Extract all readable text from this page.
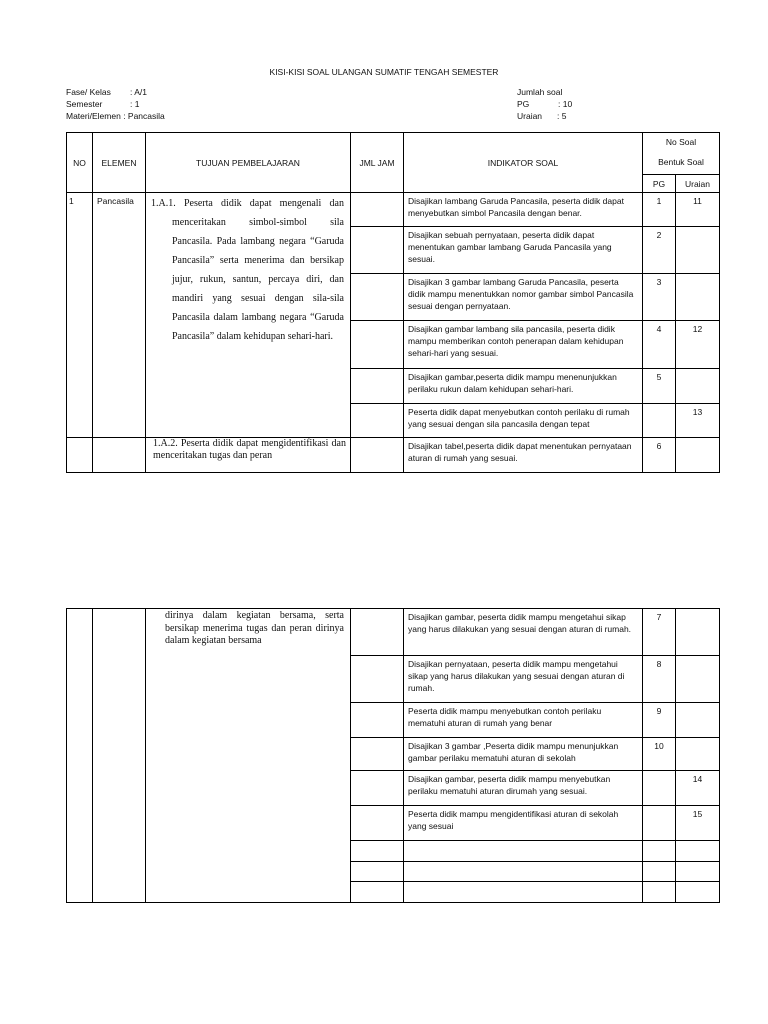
KISI-KISI SOAL ULANGAN SUMATIF TENGAH SEMESTER
Fase/ Kelas : A/1
Semester	: 1
Materi/Elemen : Pancasila
Jumlah soal
PG	: 10
Uraian : 5
NO	ELEMEN	TUJUAN PEMBELAJARAN	JML JAM	INDIKATOR SOAL	No Soal
Bentuk Soal	

					PG	Uraian
1	Pancasila	1.A.1. Peserta didik dapat mengenali dan menceritakan simbol-simbol sila Pancasila. Pada lambang negara “Garuda Pancasila” serta menerima dan bersikap jujur, rukun, santun, percaya diri, dan mandiri yang sesuai dengan sila-sila Pancasila dalam lambang negara “Garuda Pancasila” dalam kehidupan sehari-hari.		Disajikan lambang Garuda Pancasila, peserta didik dapat menyebutkan simbol Pancasila dengan benar.	1	11
				Disajikan sebuah pernyataan, peserta didik dapat menentukan gambar lambang Garuda Pancasila yang sesuai.	2	
				Disajikan 3 gambar lambang Garuda Pancasila, peserta didik mampu menentukkan nomor gambar simbol Pancasila sesuai dengan pernyataan.	3	
				Disajikan gambar lambang sila pancasila, peserta didik mampu memberikan contoh penerapan dalam kehidupan sehari-hari yang sesuai.	4	12
				Disajikan gambar,peserta didik mampu menenunjukkan perilaku rukun dalam kehidupan sehari-hari.	5	
				Peserta didik dapat menyebutkan contoh perilaku di rumah yang sesuai dengan sila pancasila dengan tepat		13

		1.A.2. Peserta didik dapat mengidentifikasi dan menceritakan tugas dan peran		Disajikan tabel,peserta didik dapat menentukan pernyataan aturan di rumah yang sesuai.	6	

		dirinya dalam kegiatan bersama, serta bersikap menerima tugas dan peran dirinya dalam kegiatan bersama		Disajikan gambar, peserta didik mampu mengetahui sikap yang harus dilakukan yang sesuai dengan aturan di rumah.	7	
				Disajikan pernyataan, peserta didik mampu mengetahui sikap yang harus dilakukan yang sesuai dengan aturan di rumah.	8	
				Peserta didik mampu menyebutkan contoh perilaku mematuhi aturan di rumah yang benar	9	
				Disajikan 3 gambar ,Peserta didik mampu menunjukkan gambar perilaku mematuhi aturan di sekolah	10	
				Disajikan gambar, peserta didik mampu menyebutkan perilaku mematuhi aturan dirumah yang sesuai.		14
				Peserta didik mampu mengidentifikasi aturan di sekolah yang sesuai		15
